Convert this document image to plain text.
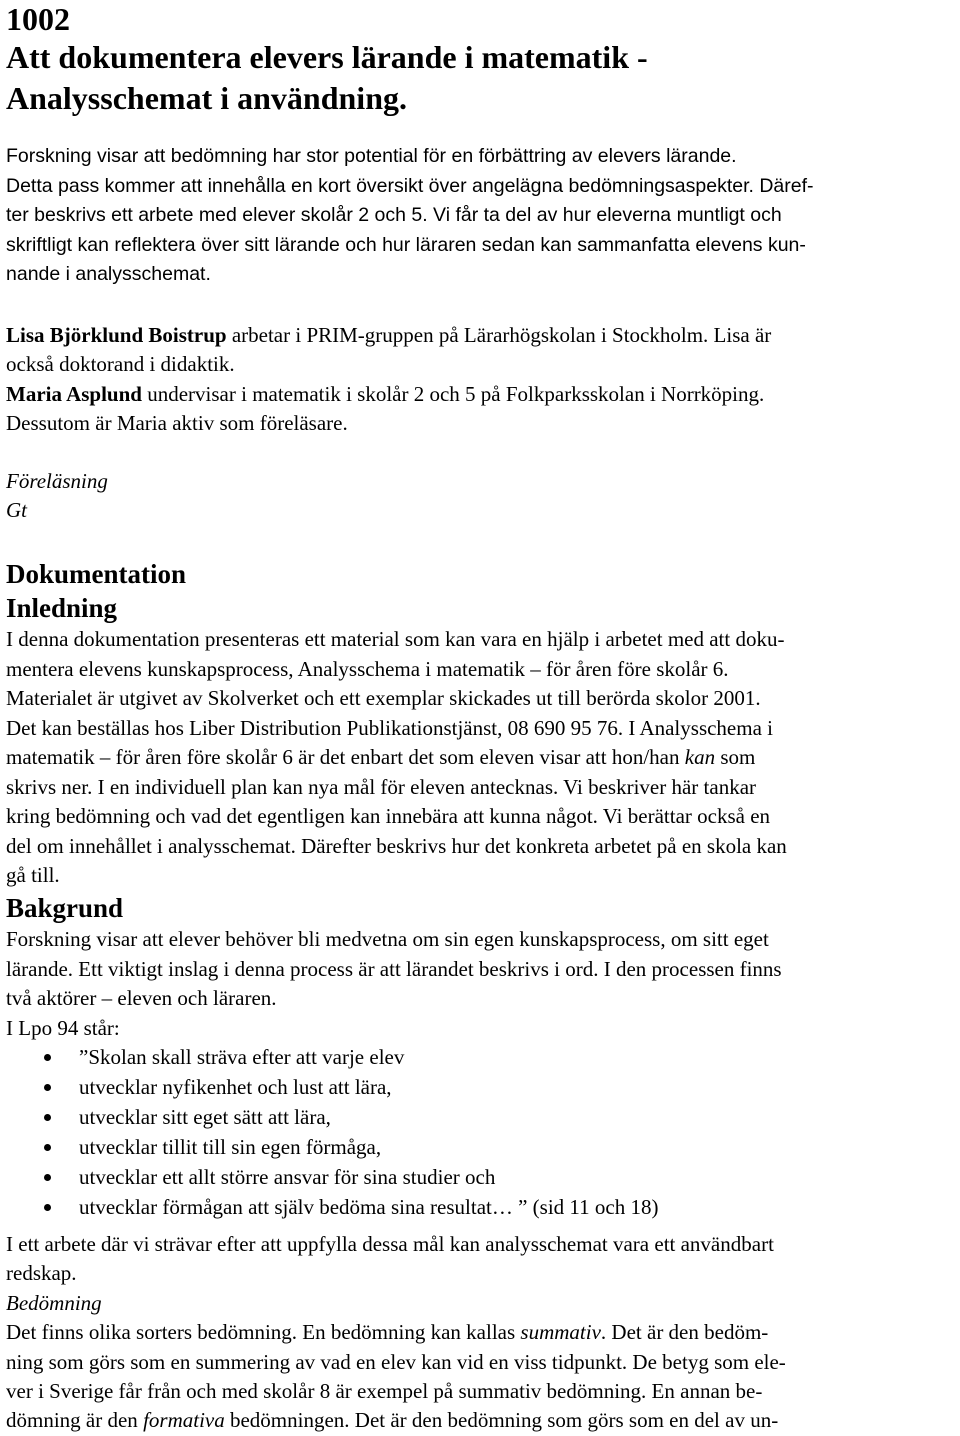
1002
Att dokumentera elevers lärande i matematik -
Analysschemat i användning.
Forskning visar att bedömning har stor potential för en förbättring av elevers lärande.
Detta pass kommer att innehålla en kort översikt över angelägna bedömningsaspekter. Däref-
ter beskrivs ett arbete med elever skolår 2 och 5. Vi får ta del av hur eleverna muntligt och
skriftligt kan reflektera över sitt lärande och hur läraren sedan kan sammanfatta elevens kun-
nande i analysschemat.
Lisa Björklund Boistrup arbetar i PRIM-gruppen på Lärarhögskolan i Stockholm. Lisa är
också doktorand i didaktik.
Maria Asplund undervisar i matematik i skolår 2 och 5 på Folkparksskolan i Norrköping.
Dessutom är Maria aktiv som föreläsare.
Föreläsning
Gt
Dokumentation
Inledning
I denna dokumentation presenteras ett material som kan vara en hjälp i arbetet med att doku-
mentera elevens kunskapsprocess, Analysschema i matematik – för åren före skolår 6.
Materialet är utgivet av Skolverket och ett exemplar skickades ut till berörda skolor 2001.
Det kan beställas hos Liber Distribution Publikationstjänst, 08 690 95 76. I Analysschema i
matematik – för åren före skolår 6 är det enbart det som eleven visar att hon/han kan som
skrivs ner. I en individuell plan kan nya mål för eleven antecknas. Vi beskriver här tankar
kring bedömning och vad det egentligen kan innebära att kunna något. Vi berättar också en
del om innehållet i analysschemat. Därefter beskrivs hur det konkreta arbetet på en skola kan
gå till.
Bakgrund
Forskning visar att elever behöver bli medvetna om sin egen kunskapsprocess, om sitt eget
lärande. Ett viktigt inslag i denna process är att lärandet beskrivs i ord. I den processen finns
två aktörer – eleven och läraren.
I Lpo 94 står:
”Skolan skall sträva efter att varje elev
utvecklar nyfikenhet och lust att lära,
utvecklar sitt eget sätt att lära,
utvecklar tillit till sin egen förmåga,
utvecklar ett allt större ansvar för sina studier och
utvecklar förmågan att själv bedöma sina resultat… ” (sid 11 och 18)
I ett arbete där vi strävar efter att uppfylla dessa mål kan analysschemat vara ett användbart
redskap.
Bedömning
Det finns olika sorters bedömning. En bedömning kan kallas summativ. Det är den bedöm-
ning som görs som en summering av vad en elev kan vid en viss tidpunkt. De betyg som ele-
ver i Sverige får från och med skolår 8 är exempel på summativ bedömning. En annan be-
dömning är den formativa bedömningen. Det är den bedömning som görs som en del av un-
